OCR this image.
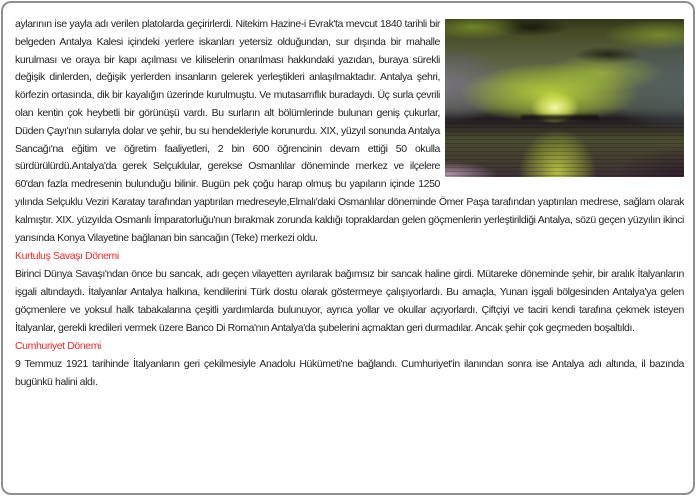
aylarının ise yayla adı verilen platolarda geçirirlerdi. Nitekim Hazine-i Evrak'ta mevcut 1840 tarihli bir belgeden Antalya Kalesi içindeki yerlere iskanları yetersiz olduğundan, sur dışında bir mahalle kurulması ve oraya bir kapı açılması ve kiliselerin onarılması hakkındaki yazıdan, buraya sürekli değişik dinlerden, değişik yerlerden insanların gelerek yerleştikleri anlaşılmaktadır. Antalya şehri, körfezin ortasında, dik bir kayalığın üzerinde kurulmuştu. Ve mutasarrıflık buradaydı. Üç surla çevrili olan kentin çok heybetli bir görünüşü vardı. Bu surların alt bölümlerinde bulunan geniş çukurlar, Düden Çayı'nın sularıyla dolar ve şehir, bu su hendekleriyle korunurdu. XIX, yüzyıl sonunda Antalya Sancağı'na eğitim ve öğretim faaliyetleri, 2 bin 600 öğrencinin devam ettiği 50 okulla sürdürülürdü.Antalya'da gerek Selçuklular, gerekse Osmanlılar döneminde merkez ve ilçelere 60'dan fazla medresenin bulunduğu bilinir. Bugün pek çoğu harap olmuş bu yapıların içinde 1250 yılında Selçuklu Veziri Karatay tarafından yaptırılan medreseyle,Elmalı'daki Osmanlılar döneminde Ömer Paşa tarafından yaptırılan medrese, sağlam olarak kalmıştır. XIX. yüzyılda Osmanlı İmparatorluğu'nun bırakmak zorunda kaldığı topraklardan gelen göçmenlerin yerleştirildiği Antalya, sözü geçen yüzyılın ikinci yarısında Konya Vilayetine bağlanan bin sancağın (Teke) merkezi oldu.

Kurtuluş Savaşı Dönemi

Birinci Dünya Savaşı'ndan önce bu sancak, adı geçen vilayetten ayrılarak bağımsız bir sancak haline girdi. Mütareke döneminde şehir, bir aralık İtalyanların işgali altındaydı. İtalyanlar Antalya halkına, kendilerini Türk dostu olarak göstermeye çalışıyorlardı. Bu amaçla, Yunan işgali bölgesinden Antalya'ya gelen göçmenlere ve yoksul halk tabakalarına çeşitli yardımlarda bulunuyor, ayrıca yollar ve okullar açıyorlardı. Çiftçiyi ve taciri kendi tarafına çekmek isteyen İtalyanlar, gerekli kredileri vermek üzere Banco Di Roma'nın Antalya'da şubelerini açmaktan geri durmadılar. Ancak şehir çok geçmeden boşaltıldı.

Cumhuriyet Dönemi

9 Temmuz 1921 tarihinde İtalyanların geri çekilmesiyle Anadolu Hükümeti'ne bağlandı. Cumhuriyet'in ilanından sonra ise Antalya adı altında, il bazında bugünkü halini aldı.
